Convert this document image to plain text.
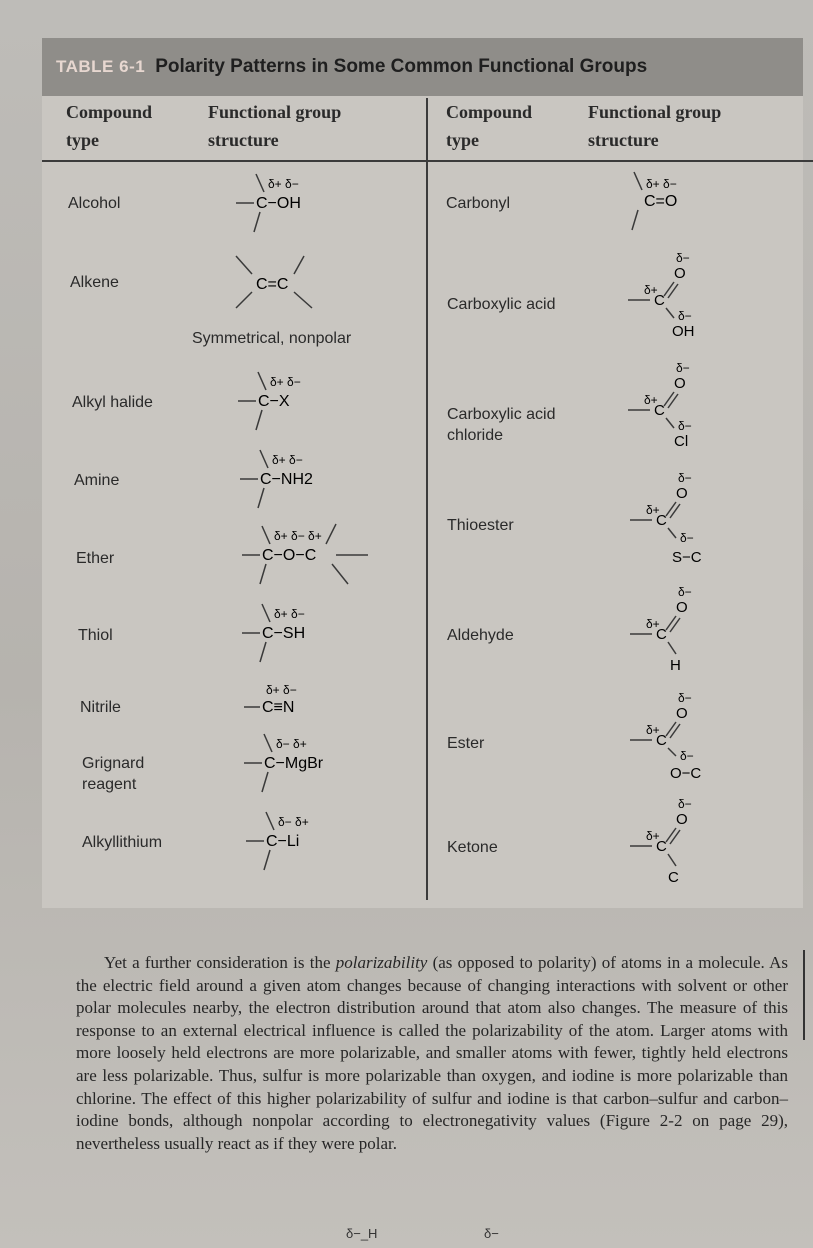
TABLE 6-1 Polarity Patterns in Some Common Functional Groups
Compound
type
Functional group
structure
Compound
type
Functional group
structure
Alcohol
Alkene
Alkyl halide
Amine
Ether
Thiol
Nitrile
Grignard reagent
Alkyllithium
Symmetrical, nonpolar
δ+ δ−
C−OH
C=C
δ+ δ−
C−X
δ+ δ−
C−NH2
δ+ δ− δ+
C−O−C
δ+ δ−
C−SH
δ+ δ−
C≡N
δ− δ+
C−MgBr
δ− δ+
C−Li
Carbonyl
Carboxylic acid
Carboxylic acid chloride
Thioester
Aldehyde
Ester
Ketone
δ+ δ−
C=O
δ−
O
δ+
C
δ−
OH
δ−
O
δ+
C
δ−
Cl
δ−
O
δ+
C
δ−
S−C
δ−
O
δ+
C
H
δ−
O
δ+
C
δ−
O−C
δ−
O
δ+
C
C

Yet a further consideration is the polarizability (as opposed to polarity) of atoms in a molecule. As the electric field around a given atom changes because of changing interactions with solvent or other polar molecules nearby, the electron distribution around that atom also changes. The measure of this response to an external electrical influence is called the polarizability of the atom. Larger atoms with more loosely held electrons are more polarizable, and smaller atoms with fewer, tightly held electrons are less polarizable. Thus, sulfur is more polarizable than oxygen, and iodine is more polarizable than chlorine. The effect of this higher polarizability of sulfur and iodine is that carbon–sulfur and carbon–iodine bonds, although nonpolar according to electronegativity values (Figure 2-2 on page 29), nevertheless usually react as if they were polar.

δ−_H	δ−
